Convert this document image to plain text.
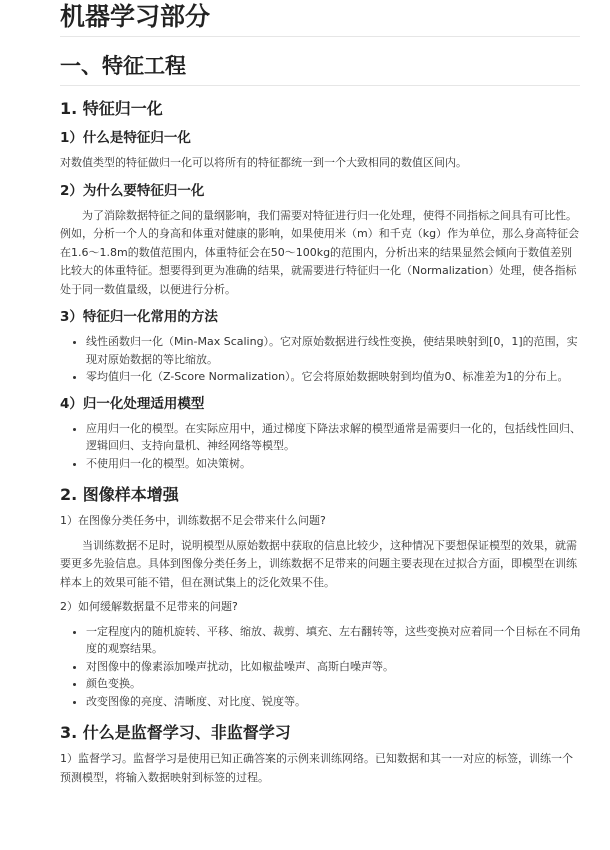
机器学习部分
一、特征工程
1. 特征归一化
1）什么是特征归一化

对数值类型的特征做归一化可以将所有的特征都统一到一个大致相同的数值区间内。

2）为什么要特征归一化

为了消除数据特征之间的量纲影响，我们需要对特征进行归一化处理，使得不同指标之间具有可比性。例如，分析一个人的身高和体重对健康的影响，如果使用米（m）和千克（kg）作为单位，那么身高特征会在1.6～1.8m的数值范围内，体重特征会在50～100kg的范围内，分析出来的结果显然会倾向于数值差别比较大的体重特征。想要得到更为准确的结果，就需要进行特征归一化（Normalization）处理，使各指标处于同一数值量级，以便进行分析。

3）特征归一化常用的方法
• 线性函数归一化（Min-Max Scaling）。它对原始数据进行线性变换，使结果映射到[0，1]的范围，实现对原始数据的等比缩放。
• 零均值归一化（Z-Score Normalization）。它会将原始数据映射到均值为0、标准差为1的分布上。
4）归一化处理适用模型
• 应用归一化的模型。在实际应用中，通过梯度下降法求解的模型通常是需要归一化的，包括线性回归、逻辑回归、支持向量机、神经网络等模型。
• 不使用归一化的模型。如决策树。
2. 图像样本增强

1）在图像分类任务中，训练数据不足会带来什么问题?

当训练数据不足时，说明模型从原始数据中获取的信息比较少，这种情况下要想保证模型的效果，就需要更多先验信息。具体到图像分类任务上，训练数据不足带来的问题主要表现在过拟合方面，即模型在训练样本上的效果可能不错，但在测试集上的泛化效果不佳。

2）如何缓解数据量不足带来的问题?

• 一定程度内的随机旋转、平移、缩放、裁剪、填充、左右翻转等，这些变换对应着同一个目标在不同角度的观察结果。
• 对图像中的像素添加噪声扰动，比如椒盐噪声、高斯白噪声等。
• 颜色变换。
• 改变图像的亮度、清晰度、对比度、锐度等。
3. 什么是监督学习、非监督学习

1）监督学习。监督学习是使用已知正确答案的示例来训练网络。已知数据和其一一对应的标签，训练一个预测模型，将输入数据映射到标签的过程。
